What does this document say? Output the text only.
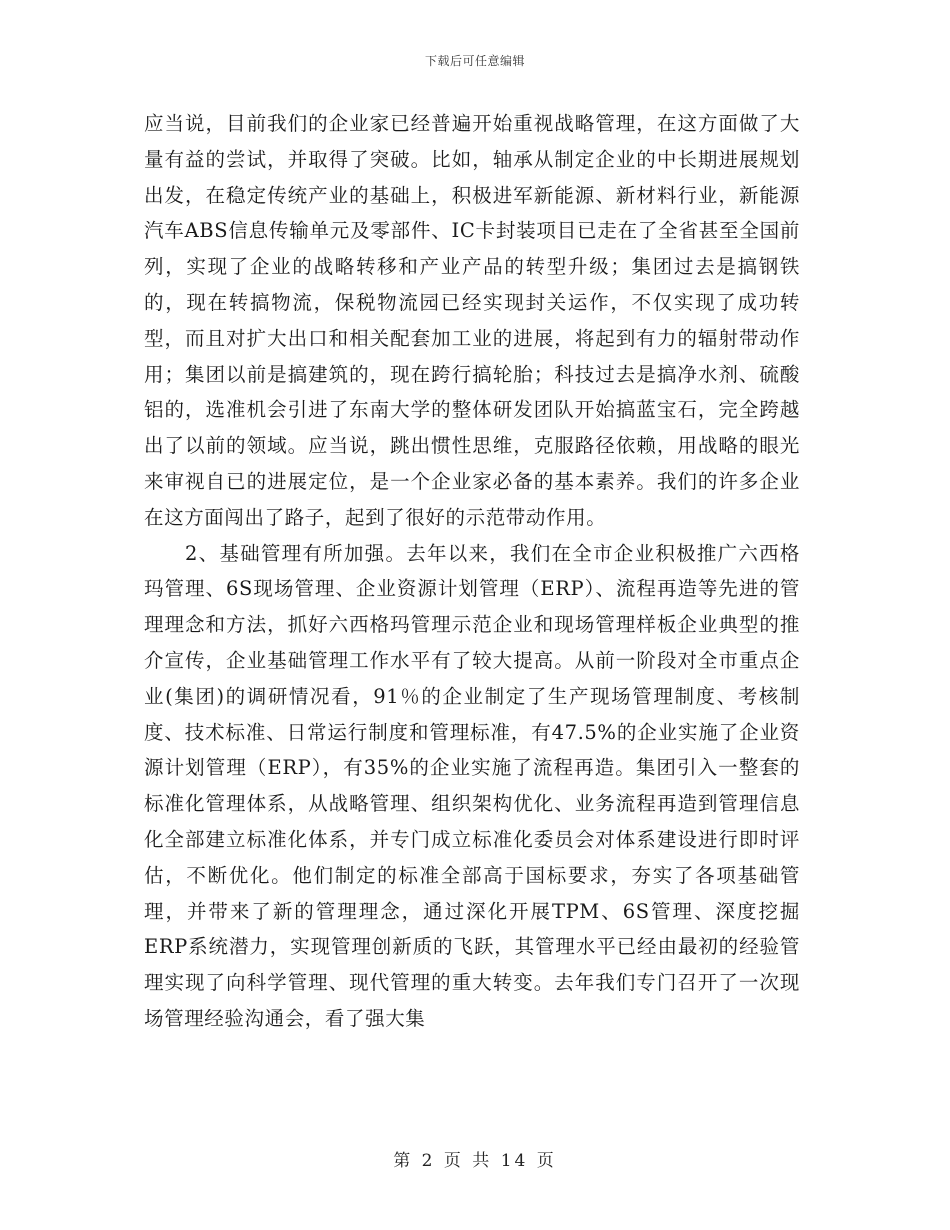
下载后可任意编辑

应当说，目前我们的企业家已经普遍开始重视战略管理，在这方面做了大量有益的尝试，并取得了突破。比如，轴承从制定企业的中长期进展规划出发，在稳定传统产业的基础上，积极进军新能源、新材料行业，新能源汽车ABS信息传输单元及零部件、IC卡封装项目已走在了全省甚至全国前列，实现了企业的战略转移和产业产品的转型升级；集团过去是搞钢铁的，现在转搞物流，保税物流园已经实现封关运作，不仅实现了成功转型，而且对扩大出口和相关配套加工业的进展，将起到有力的辐射带动作用；集团以前是搞建筑的，现在跨行搞轮胎；科技过去是搞净水剂、硫酸铝的，选准机会引进了东南大学的整体研发团队开始搞蓝宝石，完全跨越出了以前的领域。应当说，跳出惯性思维，克服路径依赖，用战略的眼光来审视自已的进展定位，是一个企业家必备的基本素养。我们的许多企业在这方面闯出了路子，起到了很好的示范带动作用。

2、基础管理有所加强。去年以来，我们在全市企业积极推广六西格玛管理、6S现场管理、企业资源计划管理（ERP）、流程再造等先进的管理理念和方法，抓好六西格玛管理示范企业和现场管理样板企业典型的推介宣传，企业基础管理工作水平有了较大提高。从前一阶段对全市重点企业(集团)的调研情况看，91％的企业制定了生产现场管理制度、考核制度、技术标准、日常运行制度和管理标准，有47.5%的企业实施了企业资源计划管理（ERP），有35%的企业实施了流程再造。集团引入一整套的标准化管理体系，从战略管理、组织架构优化、业务流程再造到管理信息化全部建立标准化体系，并专门成立标准化委员会对体系建设进行即时评估，不断优化。他们制定的标准全部高于国标要求，夯实了各项基础管理，并带来了新的管理理念，通过深化开展TPM、6S管理、深度挖掘ERP系统潜力，实现管理创新质的飞跃，其管理水平已经由最初的经验管理实现了向科学管理、现代管理的重大转变。去年我们专门召开了一次现场管理经验沟通会，看了强大集

第 2 页 共 14 页
